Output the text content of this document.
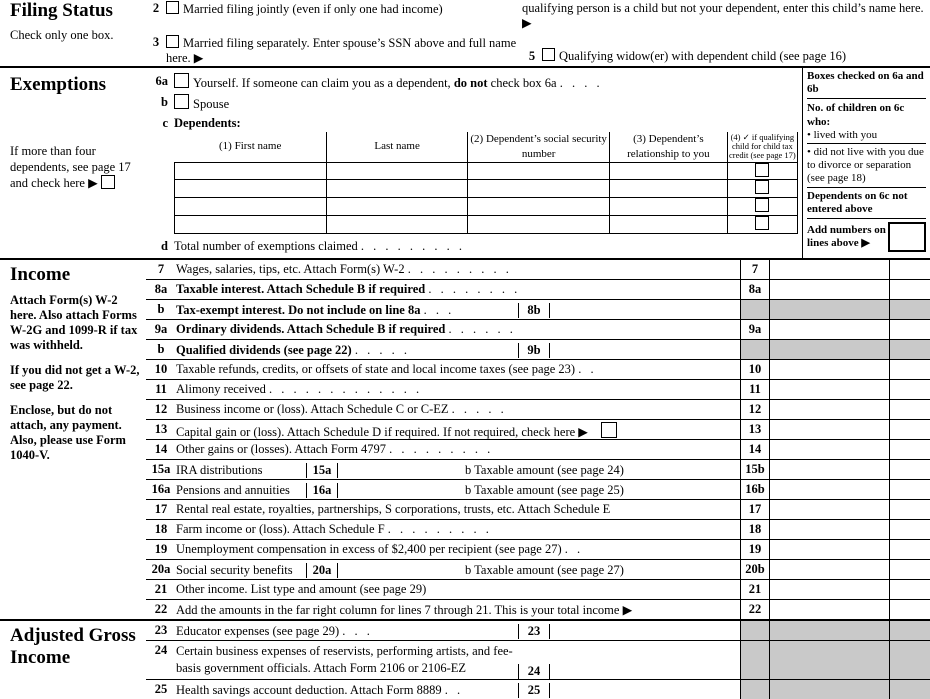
Filing Status
Check only one box.
2	Married filing jointly (even if only one had income)	qualifying person is a child but not your dependent, enter this child’s name here. ▶
3	Married filing separately. Enter spouse’s SSN above and full name here. ▶	5	Qualifying widow(er) with dependent child (see page 16)
Exemptions
If more than four dependents, see page 17 and check here ▶
6a	Yourself. If someone can claim you as a dependent, do not check box 6a . . . .
b	Spouse
c Dependents:
(1) First name	Last name	(2) Dependent’s social security number	(3) Dependent’s relationship to you	(4) ✓ if qualifying child for child tax credit (see page 17)

d Total number of exemptions claimed . . . . . . . . .
Boxes checked on 6a and 6b
No. of children on 6c who:
• lived with you
• did not live with you due to divorce or separation (see page 18)
Dependents on 6c not entered above
Add numbers on lines above ▶
Income

Attach Form(s) W-2 here. Also attach Forms W-2G and 1099-R if tax was withheld.

If you did not get a W-2, see page 22.

Enclose, but do not attach, any payment. Also, please use Form 1040-V.

7 Wages, salaries, tips, etc. Attach Form(s) W-2 . . . . . . . . .	7
8a Taxable interest. Attach Schedule B if required . . . . . . . .	8a
b Tax-exempt interest. Do not include on line 8a . . .	8b
9a Ordinary dividends. Attach Schedule B if required . . . . . .	9a
b Qualified dividends (see page 22) . . . . .	9b
10 Taxable refunds, credits, or offsets of state and local income taxes (see page 23) . .	10
11 Alimony received . . . . . . . . . . . . .	11
12 Business income or (loss). Attach Schedule C or C-EZ . . . . .	12
13 Capital gain or (loss). Attach Schedule D if required. If not required, check here ▶	13
14 Other gains or (losses). Attach Form 4797 . . . . . . . . .	14
15a IRA distributions	15a	b Taxable amount (see page 24)	15b
16a Pensions and annuities	16a	b Taxable amount (see page 25)	16b
17 Rental real estate, royalties, partnerships, S corporations, trusts, etc. Attach Schedule E	17
18 Farm income or (loss). Attach Schedule F . . . . . . . . .	18
19 Unemployment compensation in excess of $2,400 per recipient (see page 27) . .	19
20a Social security benefits	20a	b Taxable amount (see page 27)	20b
21 Other income. List type and amount (see page 29)	21
22 Add the amounts in the far right column for lines 7 through 21. This is your total income ▶	22
Adjusted Gross Income
23 Educator expenses (see page 29) . . .	23
24 Certain business expenses of reservists, performing artists, and fee-basis government officials. Attach Form 2106 or 2106-EZ	24
25 Health savings account deduction. Attach Form 8889 . .	25
